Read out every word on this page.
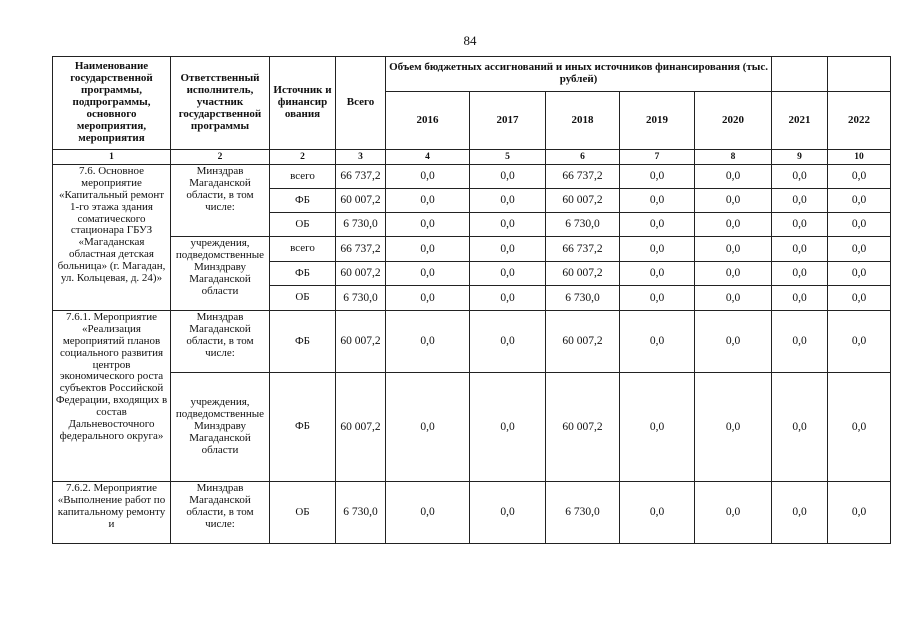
84
Наименование государственной программы, подпрограммы, основного мероприятия, мероприятия	Ответственный исполнитель, участник государственной программы	Источник и финансир ования	Всего	Объем бюджетных ассигнований и иных источников финансирования (тыс. рублей)						
				2016	2017	2018	2019	2020	2021	2022
1	2	2	3	4	5	6	7	8	9	10
7.6. Основное мероприятие «Капитальный ремонт 1-го этажа здания соматического стационара ГБУЗ «Магаданская областная детская больница» (г. Магадан, ул. Кольцевая, д. 24)»	Минздрав Магаданской области, в том числе:	всего	66 737,2	0,0	0,0	66 737,2	0,0	0,0	0,0	0,0
		ФБ	60 007,2	0,0	0,0	60 007,2	0,0	0,0	0,0	0,0
		ОБ	6 730,0	0,0	0,0	6 730,0	0,0	0,0	0,0	0,0
	учреждения, подведомственные Минздраву Магаданской области	всего	66 737,2	0,0	0,0	66 737,2	0,0	0,0	0,0	0,0
		ФБ	60 007,2	0,0	0,0	60 007,2	0,0	0,0	0,0	0,0
		ОБ	6 730,0	0,0	0,0	6 730,0	0,0	0,0	0,0	0,0
7.6.1. Мероприятие «Реализация мероприятий планов социального развития центров экономического роста субъектов Российской Федерации, входящих в состав Дальневосточного федерального округа»	Минздрав Магаданской области, в том числе:	ФБ	60 007,2	0,0	0,0	60 007,2	0,0	0,0	0,0	0,0
	учреждения, подведомственные Минздраву Магаданской области	ФБ	60 007,2	0,0	0,0	60 007,2	0,0	0,0	0,0	0,0
7.6.2. Мероприятие «Выполнение работ по капитальному ремонту и	Минздрав Магаданской области, в том числе:	ОБ	6 730,0	0,0	0,0	6 730,0	0,0	0,0	0,0	0,0
